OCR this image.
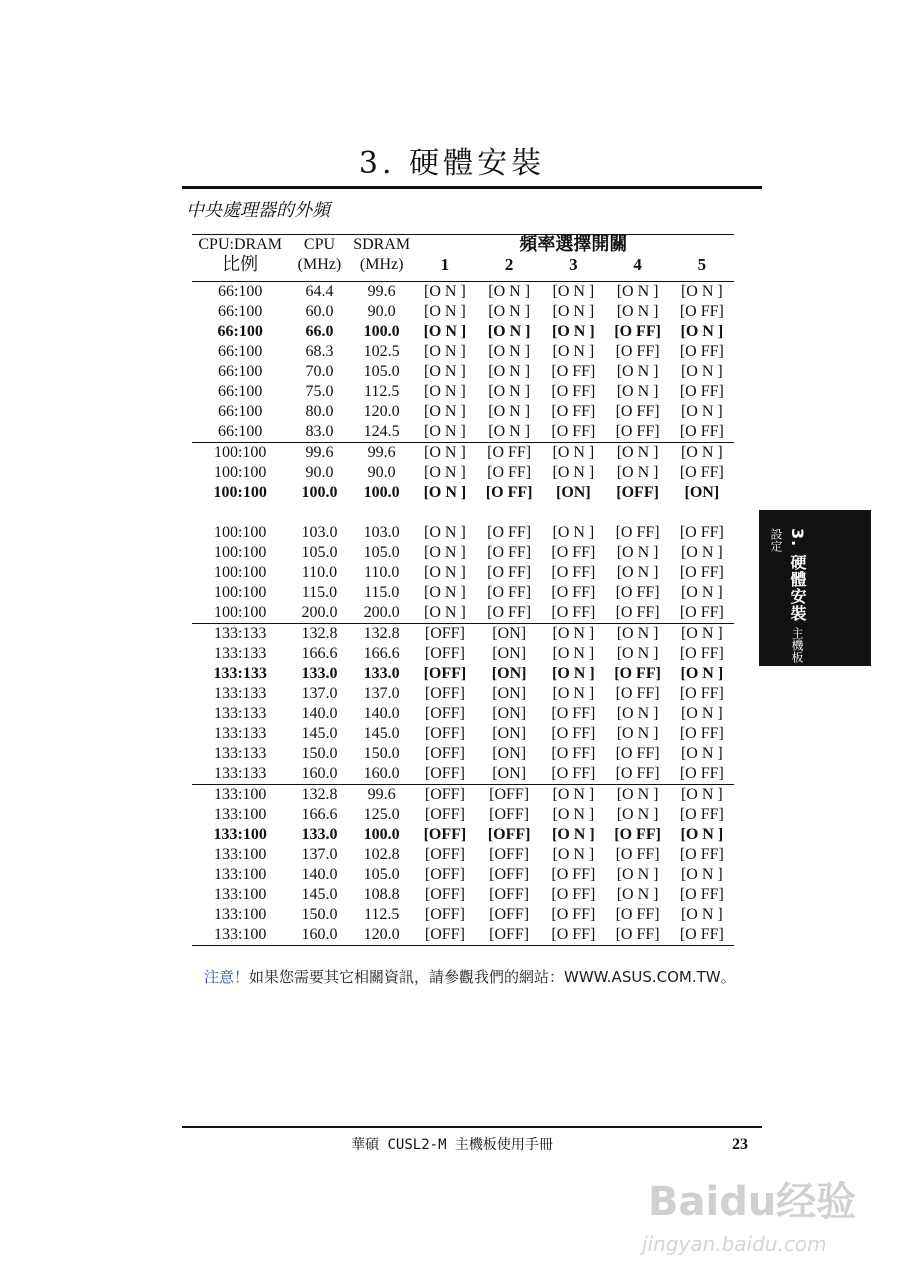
3. 硬體安裝
中央處理器的外頻
CPU:DRAM	CPU	SDRAM	頻率選擇開關				
比例	(MHz)	(MHz)	1	2	3	4	5
66:100	64.4	99.6	[O N ]	[O N ]	[O N ]	[O N ]	[O N ]
66:100	60.0	90.0	[O N ]	[O N ]	[O N ]	[O N ]	[O FF]
66:100	66.0	100.0	[O N ]	[O N ]	[O N ]	[O FF]	[O N ]
66:100	68.3	102.5	[O N ]	[O N ]	[O N ]	[O FF]	[O FF]
66:100	70.0	105.0	[O N ]	[O N ]	[O FF]	[O N ]	[O N ]
66:100	75.0	112.5	[O N ]	[O N ]	[O FF]	[O N ]	[O FF]
66:100	80.0	120.0	[O N ]	[O N ]	[O FF]	[O FF]	[O N ]
66:100	83.0	124.5	[O N ]	[O N ]	[O FF]	[O FF]	[O FF]
100:100	99.6	99.6	[O N ]	[O FF]	[O N ]	[O N ]	[O N ]
100:100	90.0	90.0	[O N ]	[O FF]	[O N ]	[O N ]	[O FF]
100:100	100.0	100.0	[O N ]	[O FF]	[ON]	[OFF]	[ON]

100:100	103.0	103.0	[O N ]	[O FF]	[O N ]	[O FF]	[O FF]
100:100	105.0	105.0	[O N ]	[O FF]	[O FF]	[O N ]	[O N ]
100:100	110.0	110.0	[O N ]	[O FF]	[O FF]	[O N ]	[O FF]
100:100	115.0	115.0	[O N ]	[O FF]	[O FF]	[O FF]	[O N ]
100:100	200.0	200.0	[O N ]	[O FF]	[O FF]	[O FF]	[O FF]
133:133	132.8	132.8	[OFF]	[ON]	[O N ]	[O N ]	[O N ]
133:133	166.6	166.6	[OFF]	[ON]	[O N ]	[O N ]	[O FF]
133:133	133.0	133.0	[OFF]	[ON]	[O N ]	[O FF]	[O N ]
133:133	137.0	137.0	[OFF]	[ON]	[O N ]	[O FF]	[O FF]
133:133	140.0	140.0	[OFF]	[ON]	[O FF]	[O N ]	[O N ]
133:133	145.0	145.0	[OFF]	[ON]	[O FF]	[O N ]	[O FF]
133:133	150.0	150.0	[OFF]	[ON]	[O FF]	[O FF]	[O N ]
133:133	160.0	160.0	[OFF]	[ON]	[O FF]	[O FF]	[O FF]
133:100	132.8	99.6	[OFF]	[OFF]	[O N ]	[O N ]	[O N ]
133:100	166.6	125.0	[OFF]	[OFF]	[O N ]	[O N ]	[O FF]
133:100	133.0	100.0	[OFF]	[OFF]	[O N ]	[O FF]	[O N ]
133:100	137.0	102.8	[OFF]	[OFF]	[O N ]	[O FF]	[O FF]
133:100	140.0	105.0	[OFF]	[OFF]	[O FF]	[O N ]	[O N ]
133:100	145.0	108.8	[OFF]	[OFF]	[O FF]	[O N ]	[O FF]
133:100	150.0	112.5	[OFF]	[OFF]	[O FF]	[O FF]	[O N ]
133:100	160.0	120.0	[OFF]	[OFF]	[O FF]	[O FF]	[O FF]
注意！如果您需要其它相關資訊，請參觀我們的網站：WWW.ASUS.COM.TW。
3. 硬體安裝 主機板設定
華碩 CUSL2-M 主機板使用手冊	23
Baidu经验
jingyan.baidu.com
